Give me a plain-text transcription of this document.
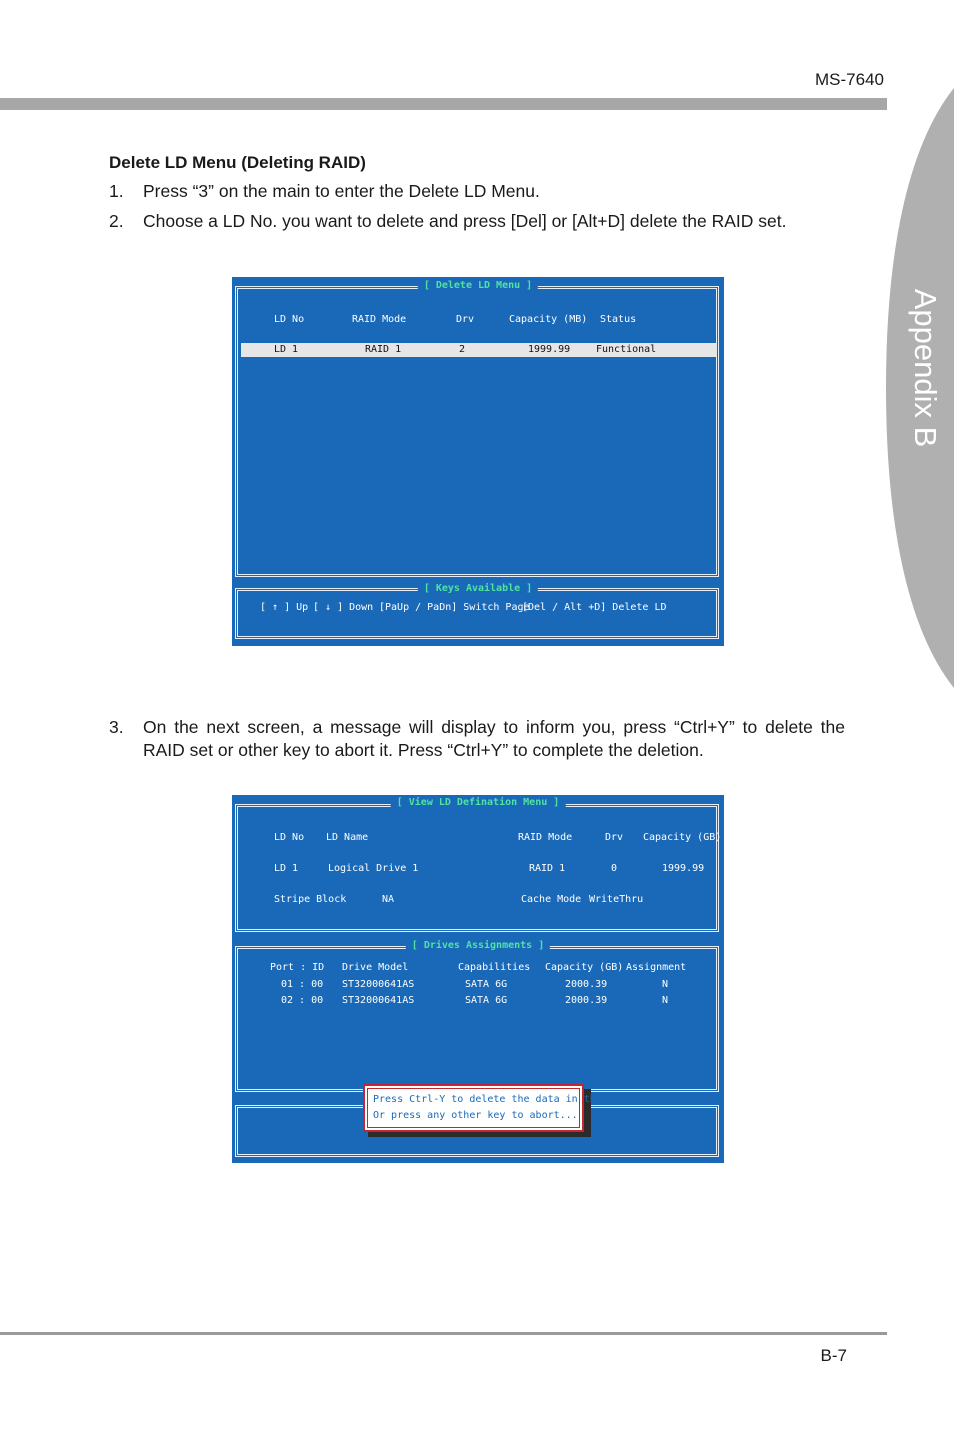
MS-7640
Appendix B
Delete LD Menu (Deleting RAID)
1. Press “3” on the main to enter the Delete LD Menu.
2. Choose a LD No. you want to delete and press [Del] or [Alt+D] delete the RAID set.
[ Delete LD Menu ]
LD No	RAID Mode	Drv	Capacity (MB) Status
LD 1	RAID 1	2	1999.99	Functional
[ Keys Available ]
[ ↑ ] Up [ ↓ ] Down [PaUp / PaDn] Switch Page
[Del / Alt +D] Delete LD
3. On the next screen, a message will display to inform you, press “Ctrl+Y” to delete the RAID set or other key to abort it. Press “Ctrl+Y” to complete the deletion.
[ View LD Defination Menu ]
LD No LD Name	RAID Mode	Drv Capacity (GB)
LD 1	Logical Drive 1	RAID 1	0	1999.99
Stripe Block	NA	Cache Mode WriteThru
[ Drives Assignments ]
Port : ID Drive Model	Capabilities Capacity (GB) Assignment
01 : 00 ST32000641AS	SATA 6G	2000.39	N
02 : 00 ST32000641AS	SATA 6G	2000.39	N
Press Ctrl-Y to delete the data in the disk!
Or press any other key to abort...
B-7
